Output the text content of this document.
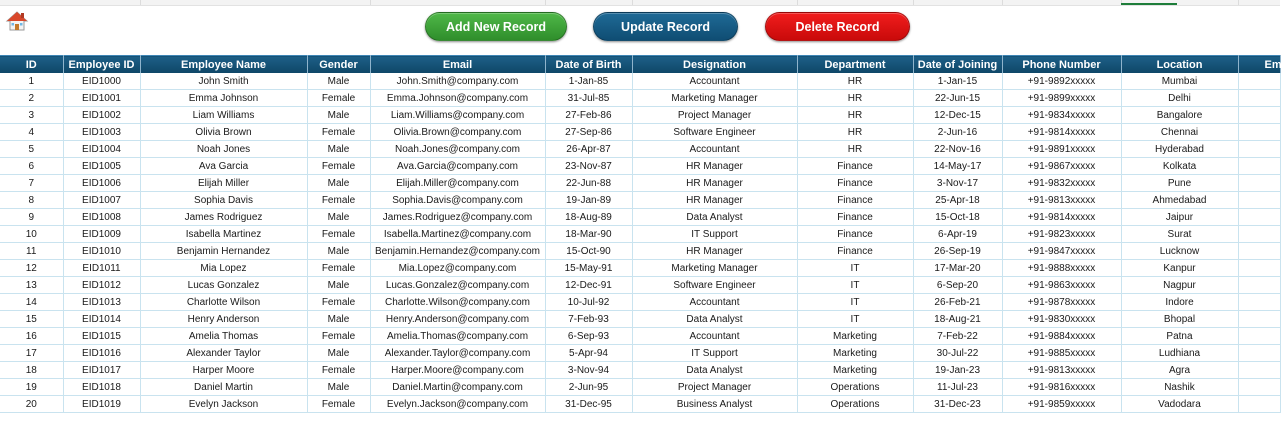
Add New Record	Update Record	Delete Record
ID	Employee ID	Employee Name	Gender	Email	Date of Birth	Designation	Department	Date of Joining	Phone Number	Location	Emp
1	EID1000	John Smith	Male	John.Smith@company.com	1-Jan-85	Accountant	HR	1-Jan-15	+91-9892xxxxx	Mumbai	
2	EID1001	Emma Johnson	Female	Emma.Johnson@company.com	31-Jul-85	Marketing Manager	HR	22-Jun-15	+91-9899xxxxx	Delhi	
3	EID1002	Liam Williams	Male	Liam.Williams@company.com	27-Feb-86	Project Manager	HR	12-Dec-15	+91-9834xxxxx	Bangalore	
4	EID1003	Olivia Brown	Female	Olivia.Brown@company.com	27-Sep-86	Software Engineer	HR	2-Jun-16	+91-9814xxxxx	Chennai	
5	EID1004	Noah Jones	Male	Noah.Jones@company.com	26-Apr-87	Accountant	HR	22-Nov-16	+91-9891xxxxx	Hyderabad	
6	EID1005	Ava Garcia	Female	Ava.Garcia@company.com	23-Nov-87	HR Manager	Finance	14-May-17	+91-9867xxxxx	Kolkata	
7	EID1006	Elijah Miller	Male	Elijah.Miller@company.com	22-Jun-88	HR Manager	Finance	3-Nov-17	+91-9832xxxxx	Pune	
8	EID1007	Sophia Davis	Female	Sophia.Davis@company.com	19-Jan-89	HR Manager	Finance	25-Apr-18	+91-9813xxxxx	Ahmedabad	
9	EID1008	James Rodriguez	Male	James.Rodriguez@company.com	18-Aug-89	Data Analyst	Finance	15-Oct-18	+91-9814xxxxx	Jaipur	
10	EID1009	Isabella Martinez	Female	Isabella.Martinez@company.com	18-Mar-90	IT Support	Finance	6-Apr-19	+91-9823xxxxx	Surat	
11	EID1010	Benjamin Hernandez	Male	Benjamin.Hernandez@company.com	15-Oct-90	HR Manager	Finance	26-Sep-19	+91-9847xxxxx	Lucknow	
12	EID1011	Mia Lopez	Female	Mia.Lopez@company.com	15-May-91	Marketing Manager	IT	17-Mar-20	+91-9888xxxxx	Kanpur	
13	EID1012	Lucas Gonzalez	Male	Lucas.Gonzalez@company.com	12-Dec-91	Software Engineer	IT	6-Sep-20	+91-9863xxxxx	Nagpur	
14	EID1013	Charlotte Wilson	Female	Charlotte.Wilson@company.com	10-Jul-92	Accountant	IT	26-Feb-21	+91-9878xxxxx	Indore	
15	EID1014	Henry Anderson	Male	Henry.Anderson@company.com	7-Feb-93	Data Analyst	IT	18-Aug-21	+91-9830xxxxx	Bhopal	
16	EID1015	Amelia Thomas	Female	Amelia.Thomas@company.com	6-Sep-93	Accountant	Marketing	7-Feb-22	+91-9884xxxxx	Patna	
17	EID1016	Alexander Taylor	Male	Alexander.Taylor@company.com	5-Apr-94	IT Support	Marketing	30-Jul-22	+91-9885xxxxx	Ludhiana	
18	EID1017	Harper Moore	Female	Harper.Moore@company.com	3-Nov-94	Data Analyst	Marketing	19-Jan-23	+91-9813xxxxx	Agra	
19	EID1018	Daniel Martin	Male	Daniel.Martin@company.com	2-Jun-95	Project Manager	Operations	11-Jul-23	+91-9816xxxxx	Nashik	
20	EID1019	Evelyn Jackson	Female	Evelyn.Jackson@company.com	31-Dec-95	Business Analyst	Operations	31-Dec-23	+91-9859xxxxx	Vadodara	
